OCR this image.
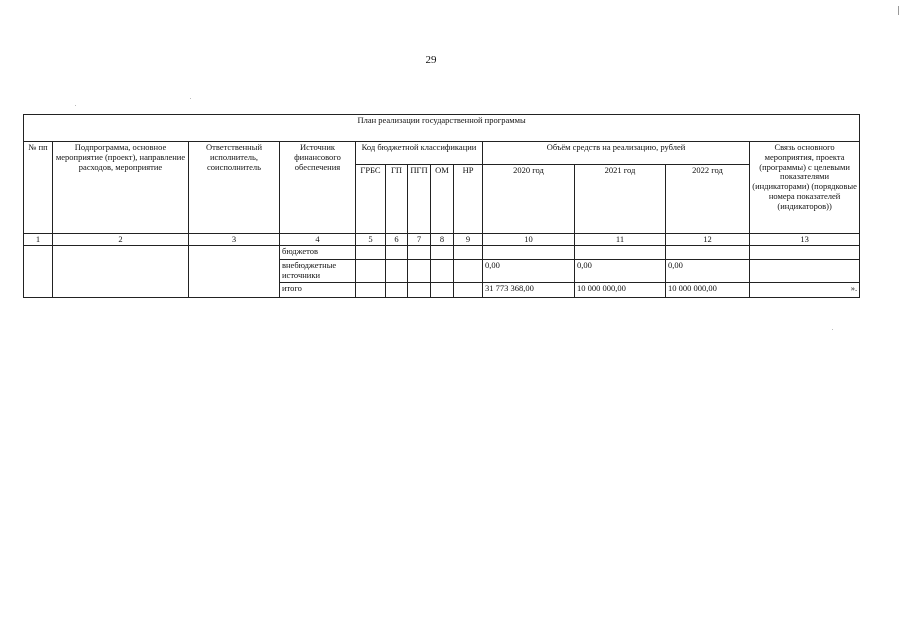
29
План реализации государственной программы												
№ пп	Подпрограмма, основное мероприятие (проект), направление расходов, мероприятие	Ответственный исполнитель, соисполнитель	Источник финансового обеспечения	Код бюджетной классификации					Объём средств на реализацию, рублей			Связь основного мероприятия, проекта (программы) с целевыми показателями (индикаторами) (порядковые номера показателей (индикаторов))
				ГРБС	ГП	ПГП	ОМ	НР	2020 год	2021 год	2022 год	
1	2	3	4	5	6	7	8	9	10	11	12	13
			бюджетов									
			внебюджетные источники						0,00	0,00	0,00	
			итого						31 773 368,00	10 000 000,00	10 000 000,00	».
